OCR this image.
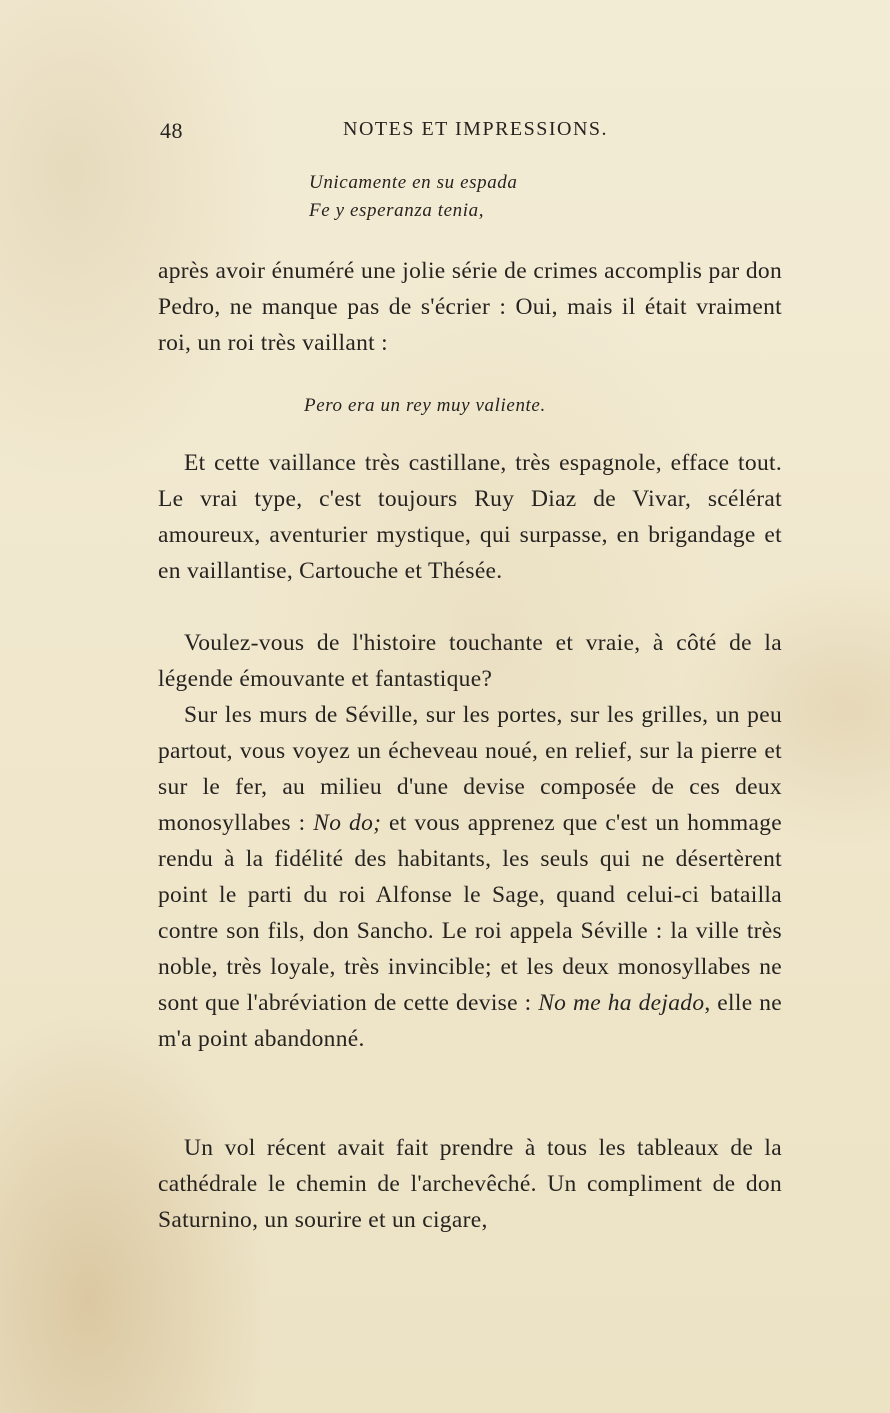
48	NOTES ET IMPRESSIONS.
Unicamente en su espada
Fe y esperanza tenia,

après avoir énuméré une jolie série de crimes accomplis par don Pedro, ne manque pas de s'écrier : Oui, mais il était vraiment roi, un roi très vaillant :

Pero era un rey muy valiente.

Et cette vaillance très castillane, très espagnole, efface tout. Le vrai type, c'est toujours Ruy Diaz de Vivar, scélérat amoureux, aventurier mystique, qui surpasse, en brigandage et en vaillantise, Cartouche et Thésée.

Voulez-vous de l'histoire touchante et vraie, à côté de la légende émouvante et fantastique?

Sur les murs de Séville, sur les portes, sur les grilles, un peu partout, vous voyez un écheveau noué, en relief, sur la pierre et sur le fer, au milieu d'une devise composée de ces deux monosyllabes : No do; et vous apprenez que c'est un hommage rendu à la fidélité des habitants, les seuls qui ne désertèrent point le parti du roi Alfonse le Sage, quand celui-ci batailla contre son fils, don Sancho. Le roi appela Séville : la ville très noble, très loyale, très invincible; et les deux monosyllabes ne sont que l'abréviation de cette devise : No me ha dejado, elle ne m'a point abandonné.

Un vol récent avait fait prendre à tous les tableaux de la cathédrale le chemin de l'archevêché. Un compliment de don Saturnino, un sourire et un cigare,
